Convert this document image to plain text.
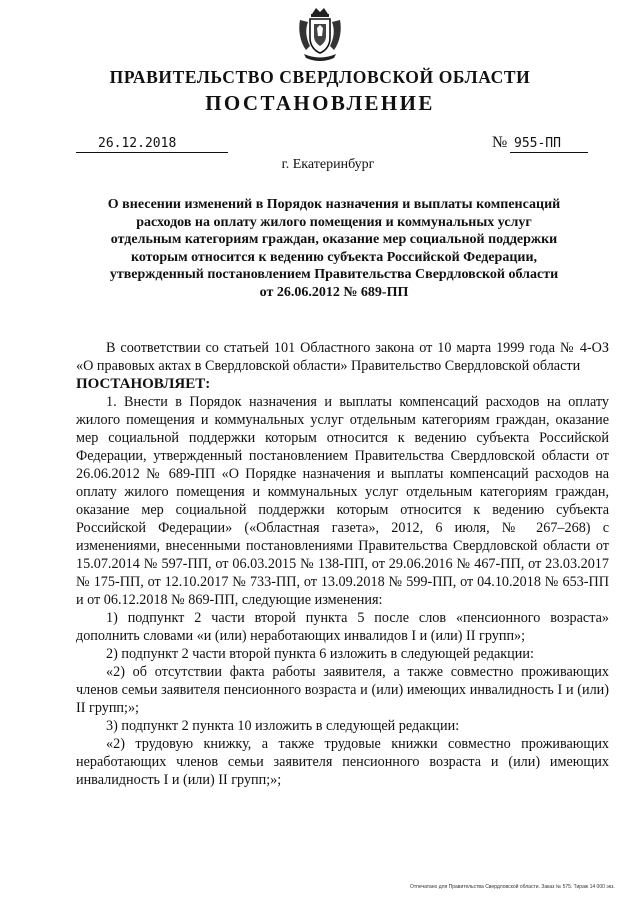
ПРАВИТЕЛЬСТВО СВЕРДЛОВСКОЙ ОБЛАСТИ
ПОСТАНОВЛЕНИЕ
26.12.2018	№ 955-ПП
г. Екатеринбург
О внесении изменений в Порядок назначения и выплаты компенсаций
расходов на оплату жилого помещения и коммунальных услуг
отдельным категориям граждан, оказание мер социальной поддержки
которым относится к ведению субъекта Российской Федерации,
утвержденный постановлением Правительства Свердловской области
от 26.06.2012 № 689-ПП

В соответствии со статьей 101 Областного закона от 10 марта 1999 года № 4-ОЗ «О правовых актах в Свердловской области» Правительство Свердловской области

ПОСТАНОВЛЯЕТ:

1. Внести в Порядок назначения и выплаты компенсаций расходов на оплату жилого помещения и коммунальных услуг отдельным категориям граждан, оказание мер социальной поддержки которым относится к ведению субъекта Российской Федерации, утвержденный постановлением Правительства Свердловской области от 26.06.2012 № 689-ПП «О Порядке назначения и выплаты компенсаций расходов на оплату жилого помещения и коммунальных услуг отдельным категориям граждан, оказание мер социальной поддержки которым относится к ведению субъекта Российской Федерации» («Областная газета», 2012, 6 июля, № 267–268) с изменениями, внесенными постановлениями Правительства Свердловской области от 15.07.2014 № 597-ПП, от 06.03.2015 № 138-ПП, от 29.06.2016 № 467-ПП, от 23.03.2017 № 175-ПП, от 12.10.2017 № 733-ПП, от 13.09.2018 № 599-ПП, от 04.10.2018 № 653-ПП и от 06.12.2018 № 869-ПП, следующие изменения:

1) подпункт 2 части второй пункта 5 после слов «пенсионного возраста» дополнить словами «и (или) неработающих инвалидов I и (или) II групп»;

2) подпункт 2 части второй пункта 6 изложить в следующей редакции:

«2) об отсутствии факта работы заявителя, а также совместно проживающих членов семьи заявителя пенсионного возраста и (или) имеющих инвалидность I и (или) II групп;»;

3) подпункт 2 пункта 10 изложить в следующей редакции:

«2) трудовую книжку, а также трудовые книжки совместно проживающих неработающих членов семьи заявителя пенсионного возраста и (или) имеющих инвалидность I и (или) II групп;»;

Отпечатано для Правительства Свердловской области. Заказ № 575. Тираж 14 000 экз.
